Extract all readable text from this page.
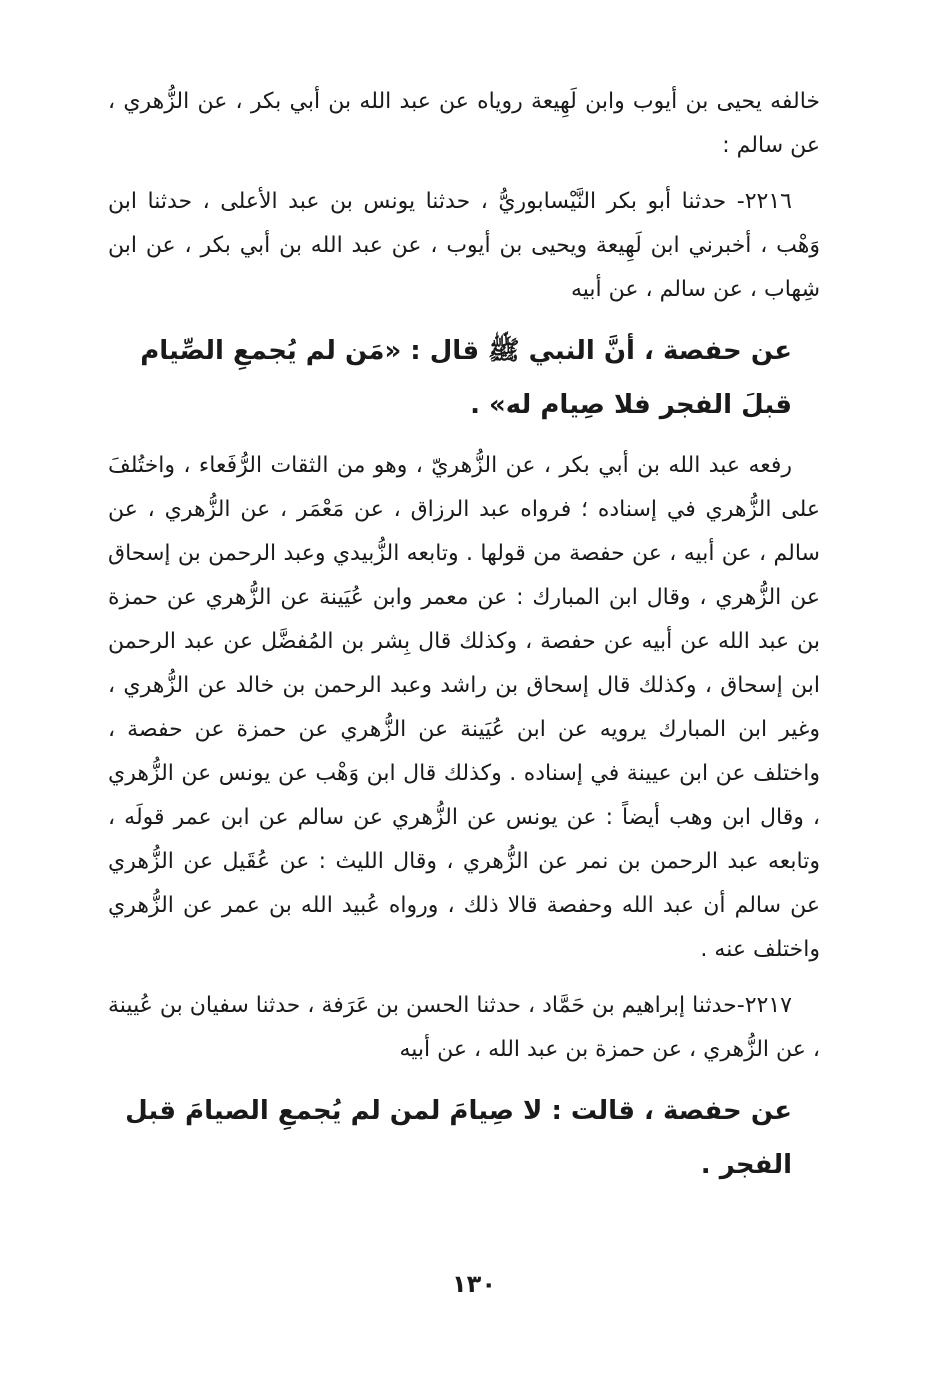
خالفه يحيى بن أيوب وابن لَهِيعة روياه عن عبد الله بن أبي بكر ، عن الزُّهري ، عن سالم :

٢٢١٦- حدثنا أبو بكر النَّيْسابوريُّ ، حدثنا يونس بن عبد الأعلى ، حدثنا ابن وَهْب ، أخبرني ابن لَهِيعة ويحيى بن أيوب ، عن عبد الله بن أبي بكر ، عن ابن شِهاب ، عن سالم ، عن أبيه

عن حفصة ، أنَّ النبي ﷺ قال : «مَن لم يُجمعِ الصِّيام قبلَ الفجر فلا صِيام له» .

رفعه عبد الله بن أبي بكر ، عن الزُّهريّ ، وهو من الثقات الرُّفَعاء ، واختُلفَ على الزُّهري في إسناده ؛ فرواه عبد الرزاق ، عن مَعْمَر ، عن الزُّهري ، عن سالم ، عن أبيه ، عن حفصة من قولها . وتابعه الزُّبيدي وعبد الرحمن بن إسحاق عن الزُّهري ، وقال ابن المبارك : عن معمر وابن عُيَينة عن الزُّهري عن حمزة بن عبد الله عن أبيه عن حفصة ، وكذلك قال بِشر بن المُفضَّل عن عبد الرحمن ابن إسحاق ، وكذلك قال إسحاق بن راشد وعبد الرحمن بن خالد عن الزُّهري ، وغير ابن المبارك يرويه عن ابن عُيَينة عن الزُّهري عن حمزة عن حفصة ، واختلف عن ابن عيينة في إسناده . وكذلك قال ابن وَهْب عن يونس عن الزُّهري ، وقال ابن وهب أيضاً : عن يونس عن الزُّهري عن سالم عن ابن عمر قولَه ، وتابعه عبد الرحمن بن نمر عن الزُّهري ، وقال الليث : عن عُقَيل عن الزُّهري عن سالم أن عبد الله وحفصة قالا ذلك ، ورواه عُبيد الله بن عمر عن الزُّهري واختلف عنه .

٢٢١٧-حدثنا إبراهيم بن حَمَّاد ، حدثنا الحسن بن عَرَفة ، حدثنا سفيان بن عُيينة ، عن الزُّهري ، عن حمزة بن عبد الله ، عن أبيه

عن حفصة ، قالت : لا صِيامَ لمن لم يُجمعِ الصيامَ قبل الفجر .

١٣٠
